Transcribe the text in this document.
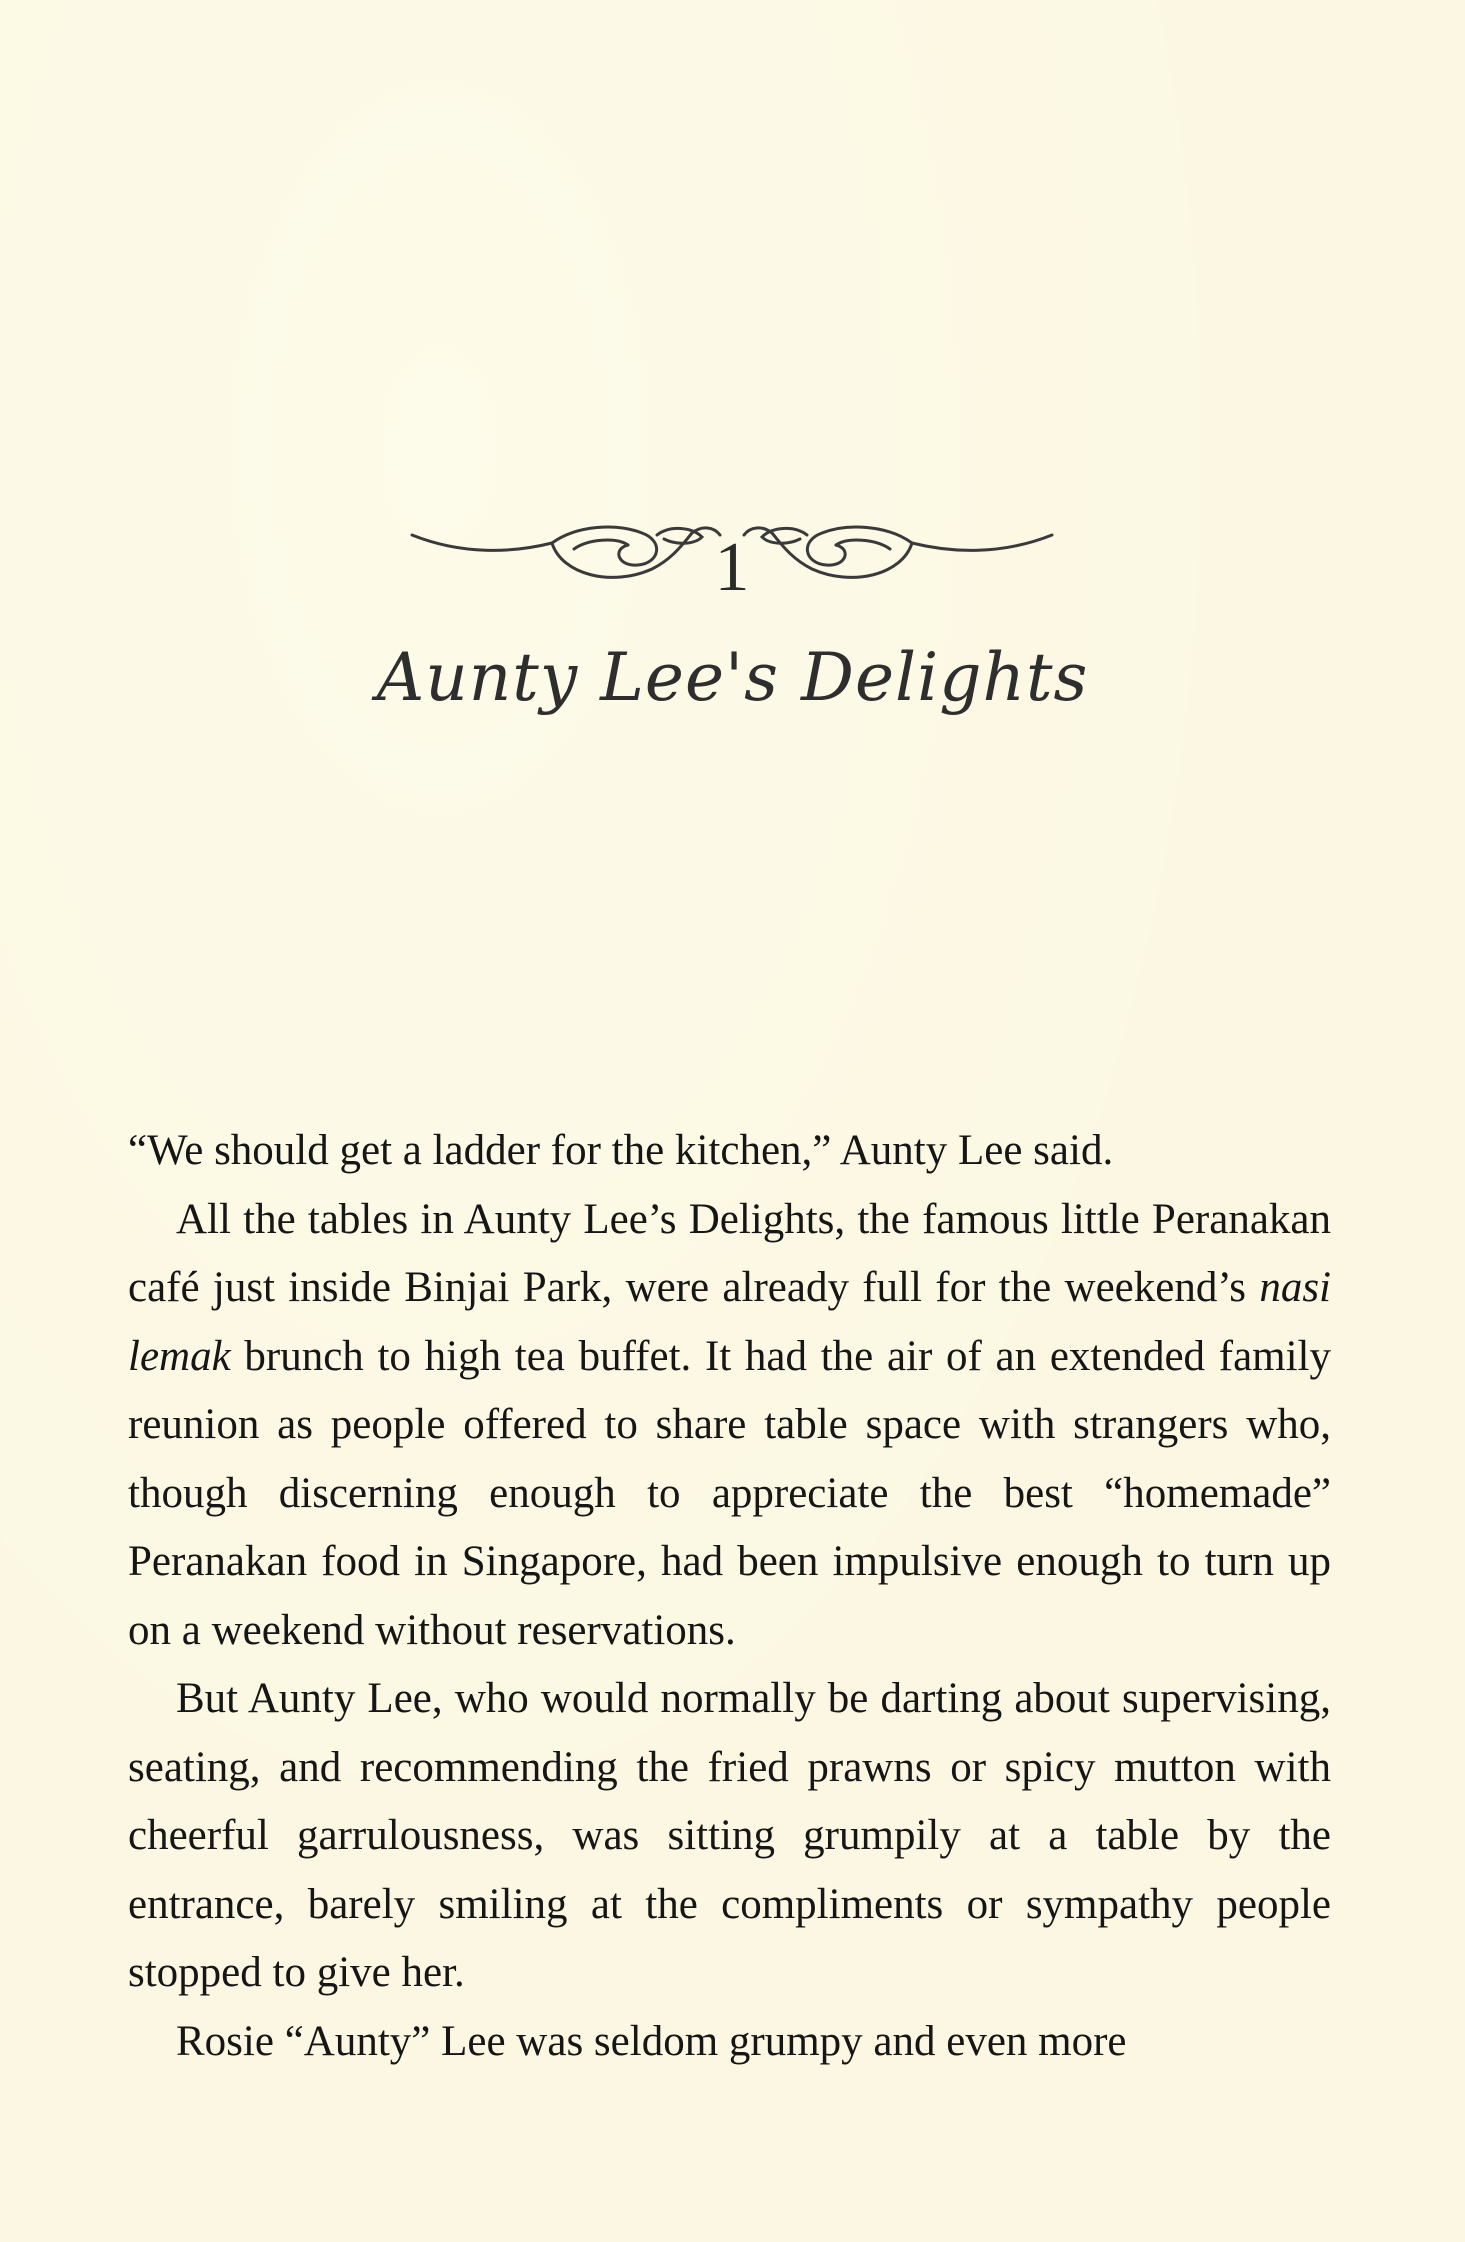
1
Aunty Lee's Delights

“We should get a ladder for the kitchen,” Aunty Lee said.

All the tables in Aunty Lee’s Delights, the famous little Peranakan café just inside Binjai Park, were already full for the weekend’s nasi lemak brunch to high tea buffet. It had the air of an extended family reunion as people offered to share table space with strangers who, though discerning enough to appreciate the best “homemade” Peranakan food in Singapore, had been impulsive enough to turn up on a weekend without reservations.

But Aunty Lee, who would normally be darting about supervising, seating, and recommending the fried prawns or spicy mutton with cheerful garrulousness, was sitting grumpily at a table by the entrance, barely smiling at the compliments or sympathy people stopped to give her.

Rosie “Aunty” Lee was seldom grumpy and even more
